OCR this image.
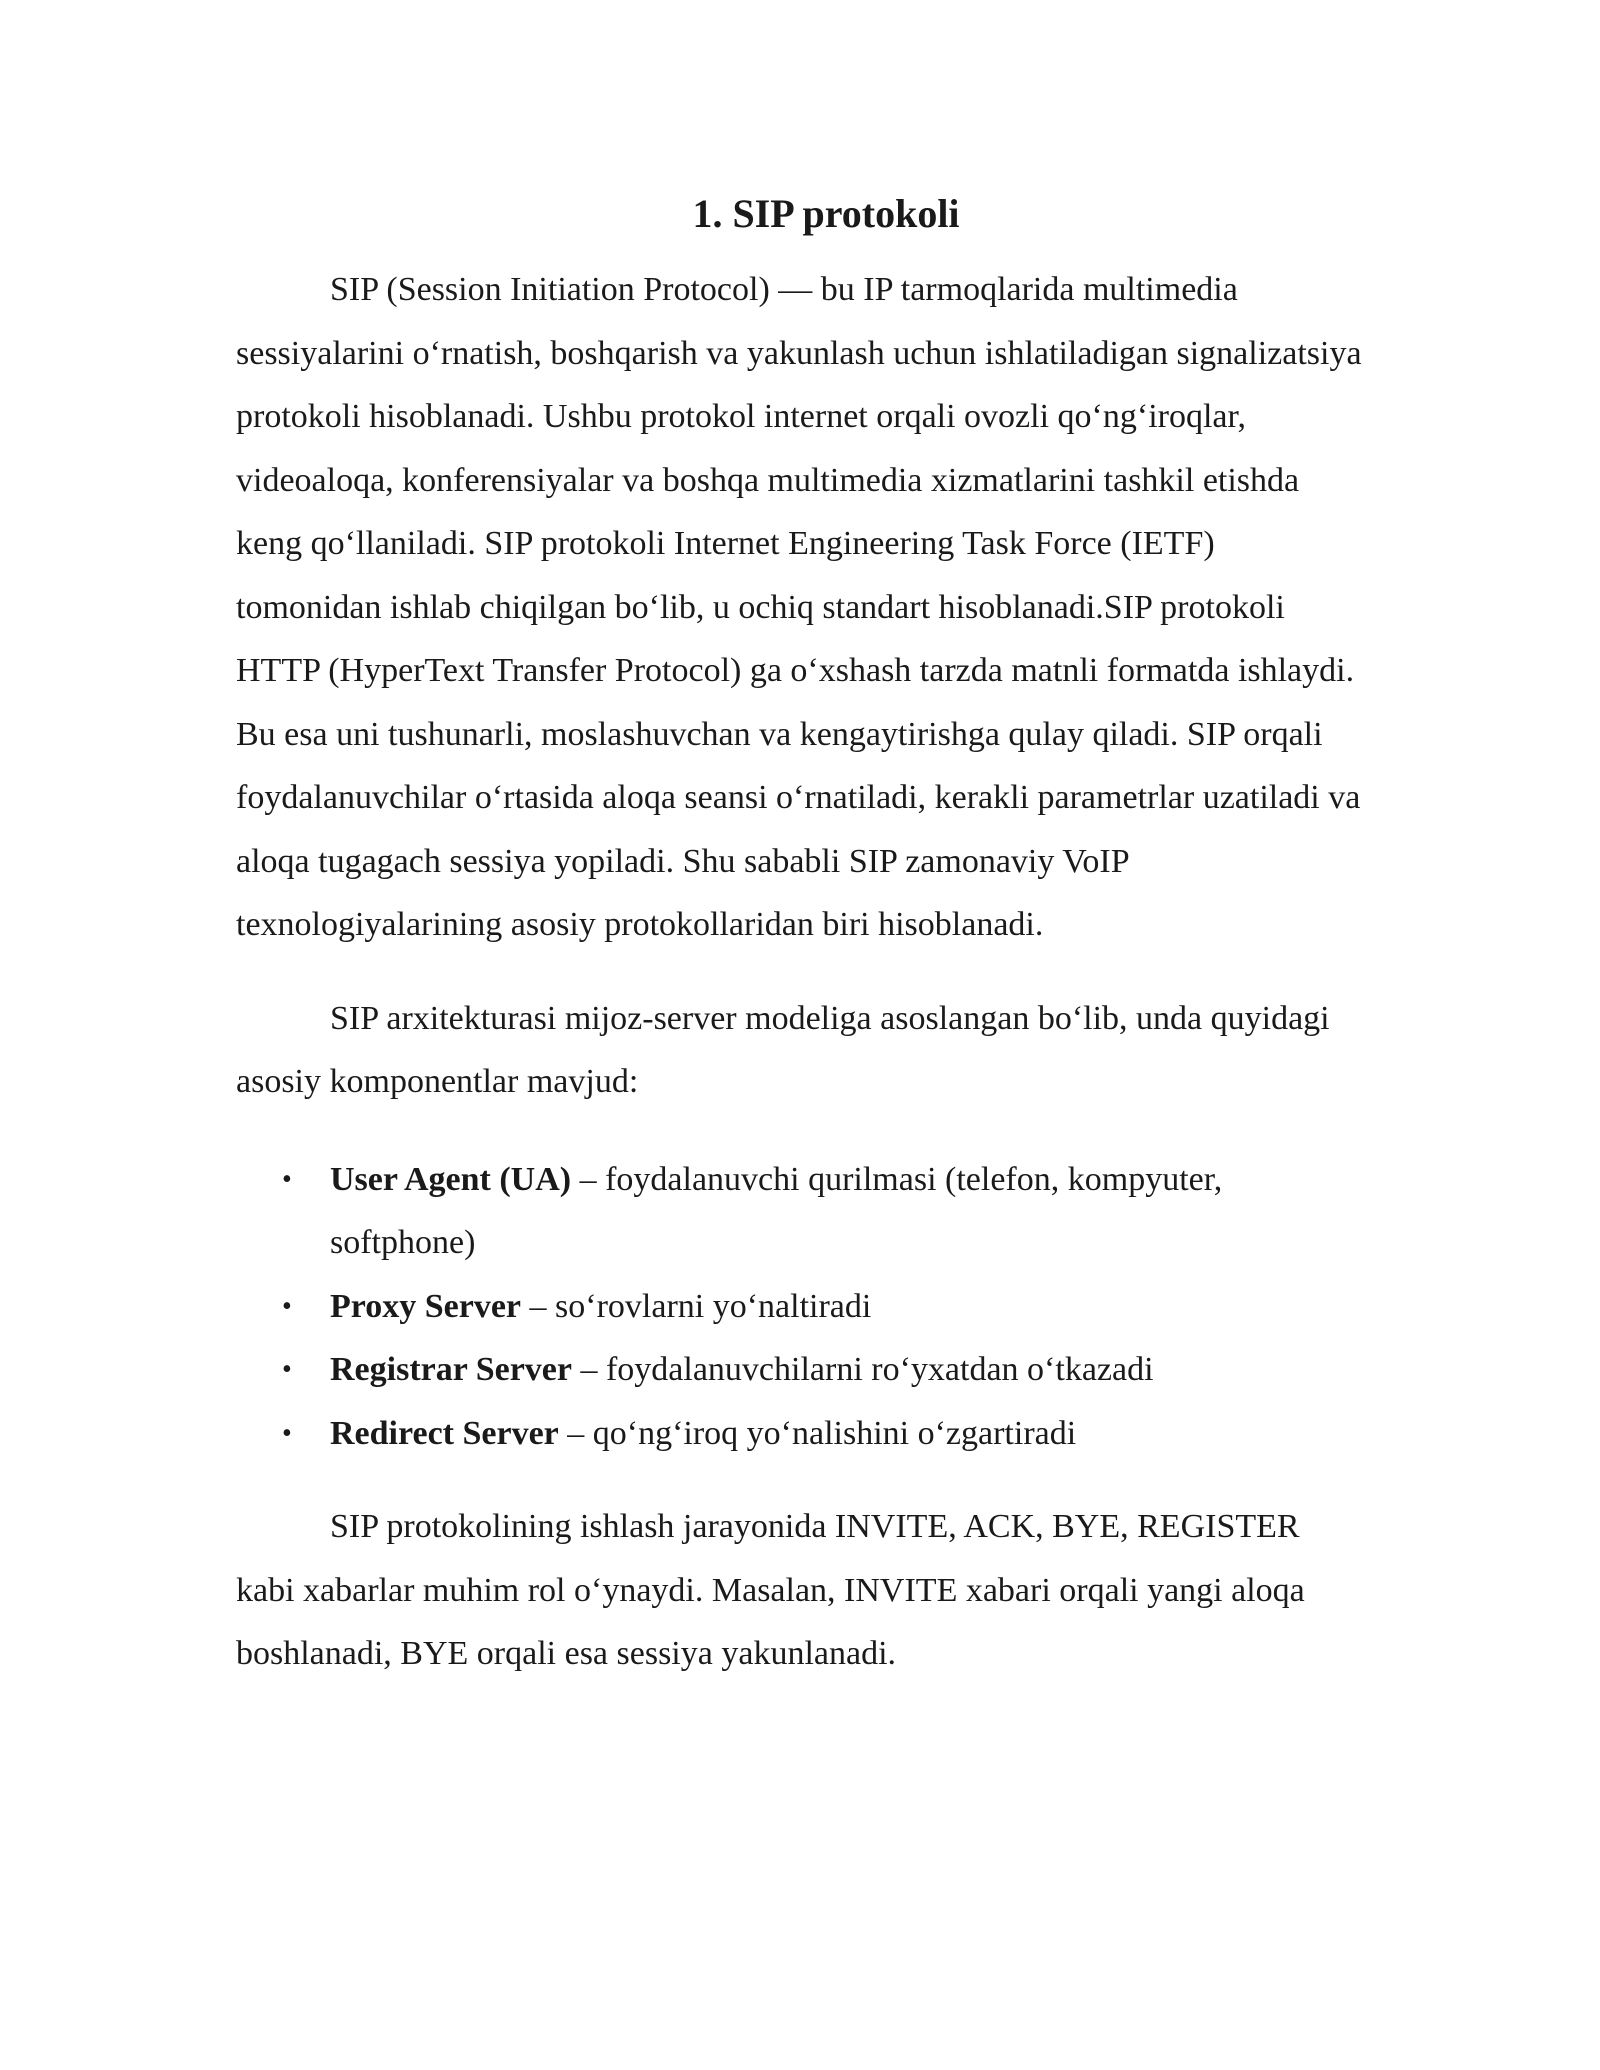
1. SIP protokoli

SIP (Session Initiation Protocol) — bu IP tarmoqlarida multimedia sessiyalarini o‘rnatish, boshqarish va yakunlash uchun ishlatiladigan signalizatsiya protokoli hisoblanadi. Ushbu protokol internet orqali ovozli qo‘ng‘iroqlar, videoaloqa, konferensiyalar va boshqa multimedia xizmatlarini tashkil etishda keng qo‘llaniladi. SIP protokoli Internet Engineering Task Force (IETF) tomonidan ishlab chiqilgan bo‘lib, u ochiq standart hisoblanadi.SIP protokoli HTTP (HyperText Transfer Protocol) ga o‘xshash tarzda matnli formatda ishlaydi. Bu esa uni tushunarli, moslashuvchan va kengaytirishga qulay qiladi. SIP orqali foydalanuvchilar o‘rtasida aloqa seansi o‘rnatiladi, kerakli parametrlar uzatiladi va aloqa tugagach sessiya yopiladi. Shu sababli SIP zamonaviy VoIP texnologiyalarining asosiy protokollaridan biri hisoblanadi.

SIP arxitekturasi mijoz-server modeliga asoslangan bo‘lib, unda quyidagi asosiy komponentlar mavjud:

• User Agent (UA) – foydalanuvchi qurilmasi (telefon, kompyuter, softphone)
• Proxy Server – so‘rovlarni yo‘naltiradi
• Registrar Server – foydalanuvchilarni ro‘yxatdan o‘tkazadi
• Redirect Server – qo‘ng‘iroq yo‘nalishini o‘zgartiradi

SIP protokolining ishlash jarayonida INVITE, ACK, BYE, REGISTER kabi xabarlar muhim rol o‘ynaydi. Masalan, INVITE xabari orqali yangi aloqa boshlanadi, BYE orqali esa sessiya yakunlanadi.
